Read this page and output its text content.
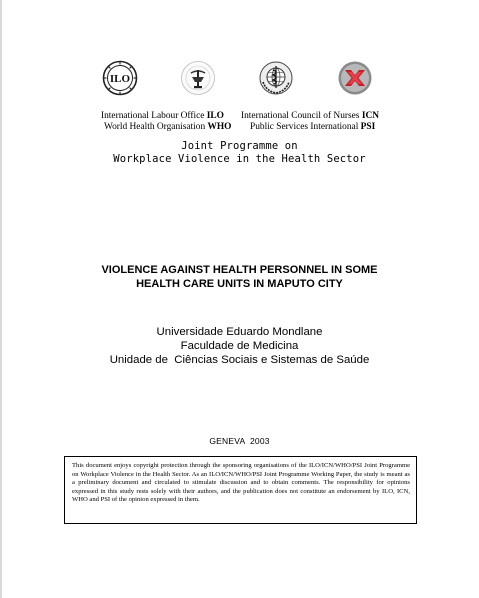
ILO
International Labour Office ILO
World Health Organisation WHO
International Council of Nurses ICN
Public Services International PSI
Joint Programme on
Workplace Violence in the Health Sector
VIOLENCE AGAINST HEALTH PERSONNEL IN SOME
HEALTH CARE UNITS IN MAPUTO CITY
Universidade Eduardo Mondlane
Faculdade de Medicina
Unidade de  Ciências Sociais e Sistemas de Saúde
GENEVA  2003
This document enjoys copyright protection through the sponsoring organisations of the ILO/ICN/WHO/PSI Joint Programme on Workplace Violence in the Health Sector. As an ILO/ICN/WHO/PSI Joint Programme Working Paper, the study is meant as a preliminary document and circulated to stimulate discussion and to obtain comments. The responsibility for opinions expressed in this study rests solely with their authors, and the publication does not constitute an endorsement by ILO, ICN, WHO and PSI of the opinion expressed in them.
